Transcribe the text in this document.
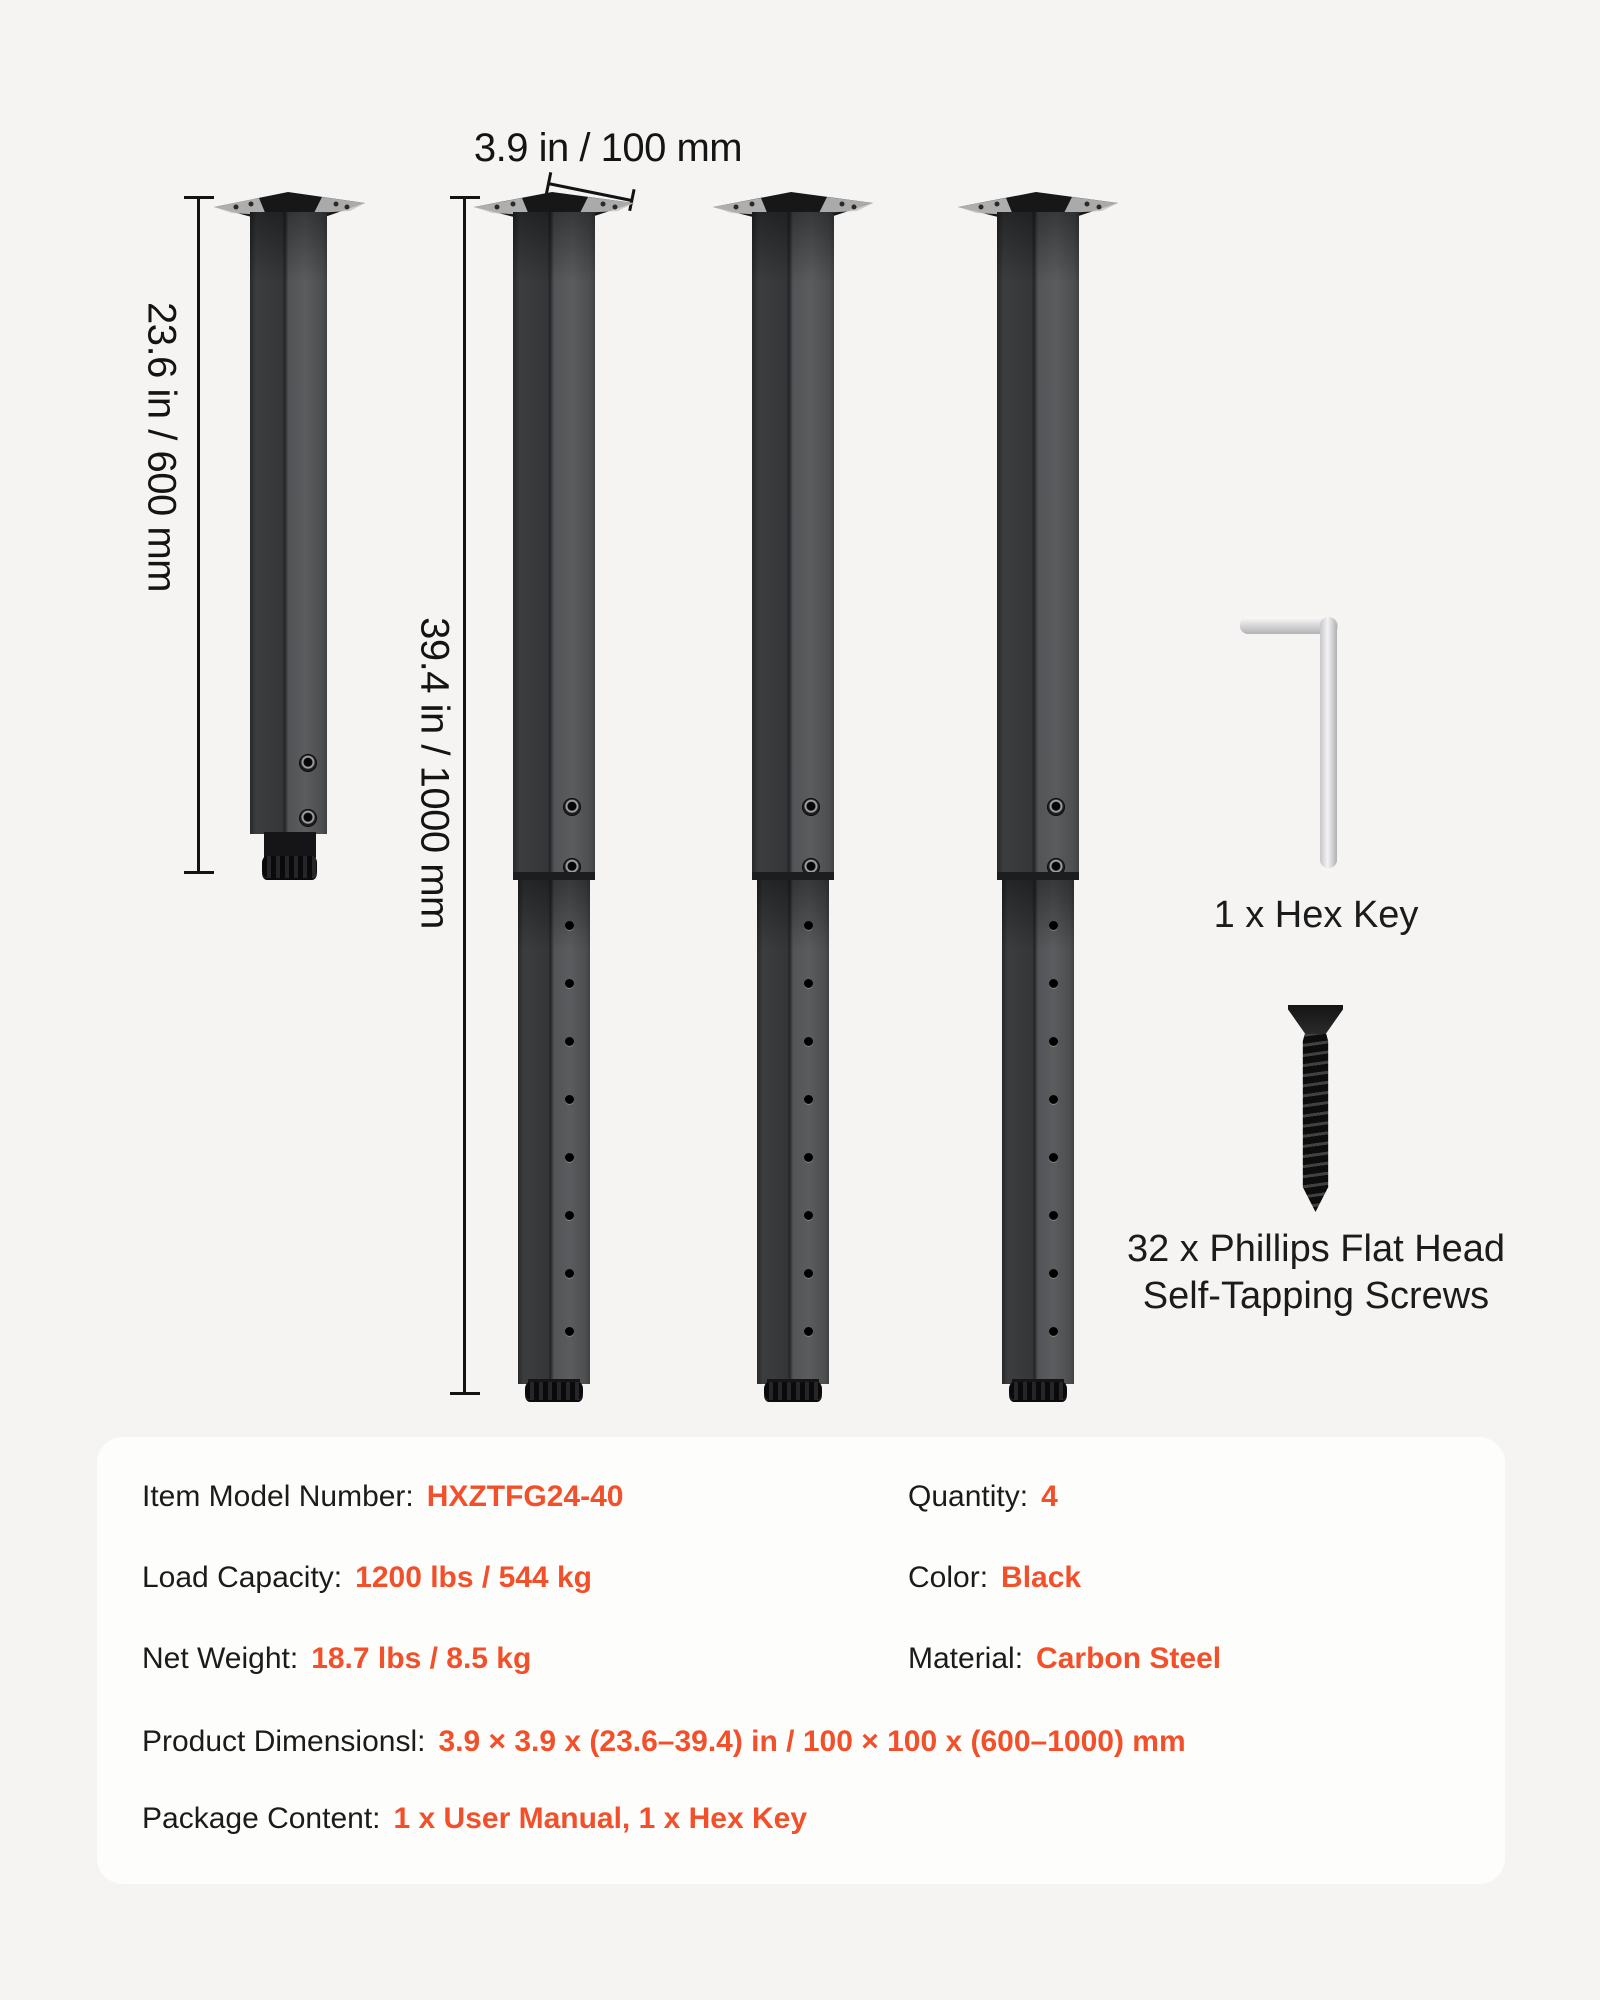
3.9 in / 100 mm
23.6 in / 600 mm
39.4 in / 1000 mm	1 x Hex Key
32 x Phillips Flat Head
Self-Tapping Screws
Item Model Number: HXZTFG24-40	Quantity: 4
Load Capacity: 1200 lbs / 544 kg	Color: Black
Net Weight: 18.7 lbs / 8.5 kg	Material: Carbon Steel
Product Dimensionsl: 3.9 × 3.9 x (23.6–39.4) in / 100 × 100 x (600–1000) mm
Package Content: 1 x User Manual, 1 x Hex Key
